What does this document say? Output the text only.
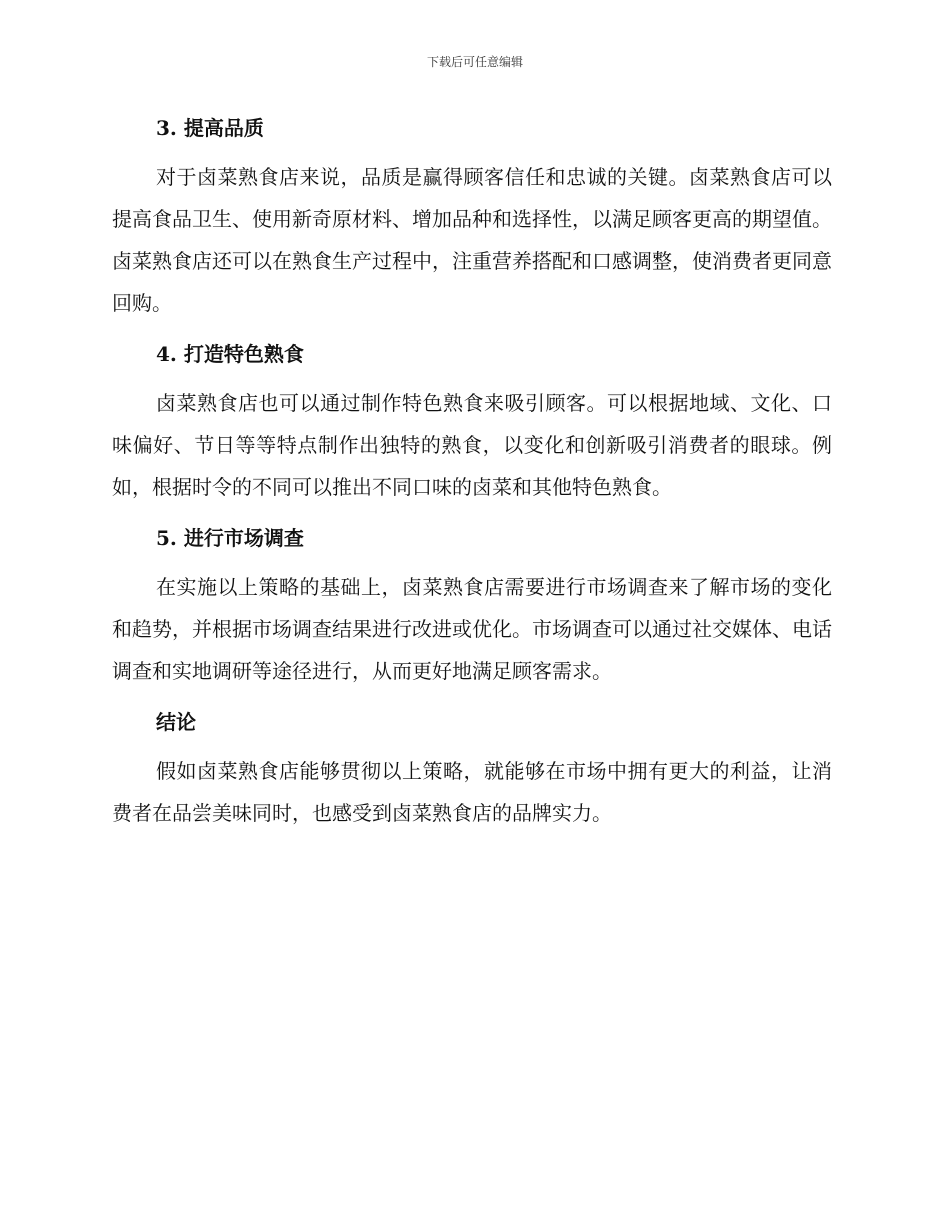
下载后可任意编辑
3. 提高品质

对于卤菜熟食店来说，品质是赢得顾客信任和忠诚的关键。卤菜熟食店可以提高食品卫生、使用新奇原材料、增加品种和选择性，以满足顾客更高的期望值。卤菜熟食店还可以在熟食生产过程中，注重营养搭配和口感调整，使消费者更同意回购。

4. 打造特色熟食

卤菜熟食店也可以通过制作特色熟食来吸引顾客。可以根据地域、文化、口味偏好、节日等等特点制作出独特的熟食，以变化和创新吸引消费者的眼球。例如，根据时令的不同可以推出不同口味的卤菜和其他特色熟食。

5. 进行市场调查

在实施以上策略的基础上，卤菜熟食店需要进行市场调查来了解市场的变化和趋势，并根据市场调查结果进行改进或优化。市场调查可以通过社交媒体、电话调查和实地调研等途径进行，从而更好地满足顾客需求。

结论

假如卤菜熟食店能够贯彻以上策略，就能够在市场中拥有更大的利益，让消费者在品尝美味同时，也感受到卤菜熟食店的品牌实力。
